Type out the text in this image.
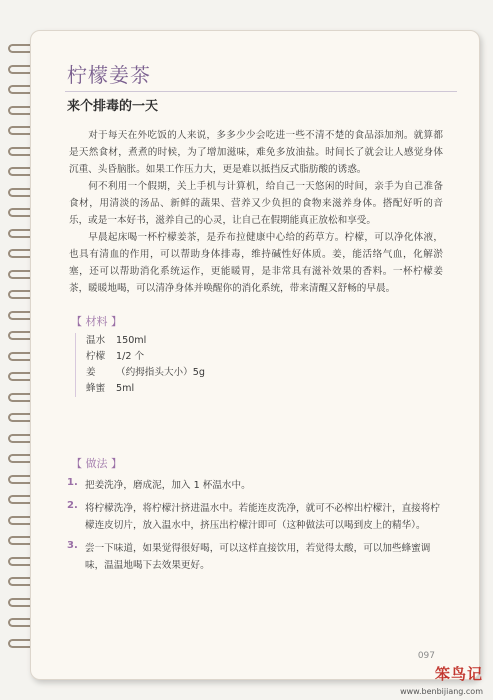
柠檬姜茶
来个排毒的一天

对于每天在外吃饭的人来说，多多少少会吃进一些不清不楚的食品添加剂。就算都是天然食材，煮煮的时候，为了增加滋味，难免多放油盐。时间长了就会让人感觉身体沉重、头昏脑胀。如果工作压力大，更是难以抵挡反式脂肪酸的诱惑。

何不利用一个假期，关上手机与计算机，给自己一天悠闲的时间，亲手为自己准备食材，用清淡的汤品、新鲜的蔬果、营养又少负担的食物来滋养身体。搭配好听的音乐，或是一本好书，滋养自己的心灵，让自己在假期能真正放松和享受。

早晨起床喝一杯柠檬姜茶，是乔布拉健康中心给的药草方。柠檬，可以净化体液，也具有清血的作用，可以帮助身体排毒，维持碱性好体质。姜，能活络气血，化解淤塞，还可以帮助消化系统运作，更能暖胃，是非常具有滋补效果的香料。一杯柠檬姜茶，暖暖地喝，可以清净身体并唤醒你的消化系统，带来清醒又舒畅的早晨。

【 材料 】
温水	150ml
柠檬	1/2 个
姜	（约拇指头大小）5g
蜂蜜	5ml
【 做法 】
1. 把姜洗净，磨成泥，加入 1 杯温水中。
2. 将柠檬洗净，将柠檬汁挤进温水中。若能连皮洗净，就可不必榨出柠檬汁，直接将柠檬连皮切片，放入温水中，挤压出柠檬汁即可（这种做法可以喝到皮上的精华）。
3. 尝一下味道，如果觉得很好喝，可以这样直接饮用，若觉得太酸，可以加些蜂蜜调味，温温地喝下去效果更好。
097
笨鸟记
www.benbijiang.com
